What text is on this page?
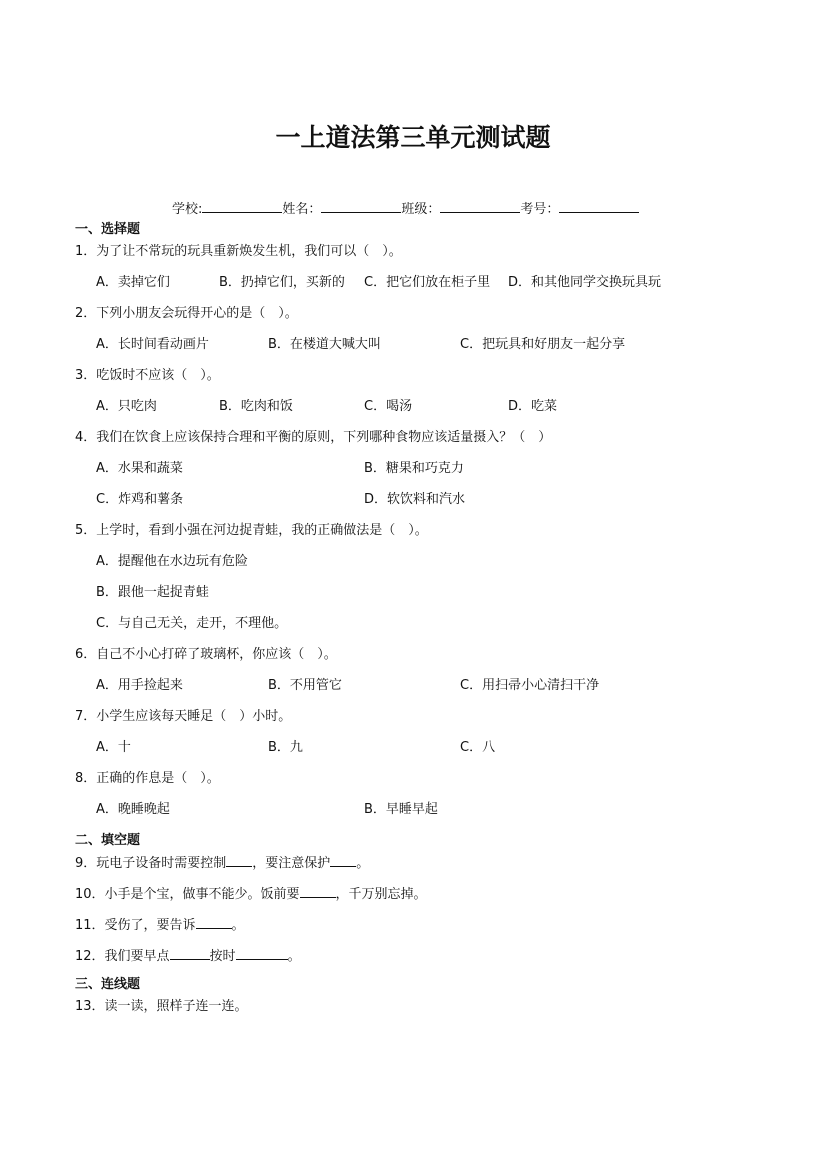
一上道法第三单元测试题
学校:	姓名：	班级：	考号：
一、选择题
1．为了让不常玩的玩具重新焕发生机，我们可以（　）。
A．卖掉它们	B．扔掉它们，买新的 C．把它们放在柜子里 D．和其他同学交换玩具玩
2．下列小朋友会玩得开心的是（　）。
A．长时间看动画片	B．在楼道大喊大叫	C．把玩具和好朋友一起分享
3．吃饭时不应该（　）。
A．只吃肉	B．吃肉和饭	C．喝汤	D．吃菜
4．我们在饮食上应该保持合理和平衡的原则，下列哪种食物应该适量摄入？（　）
A．水果和蔬菜	B．糖果和巧克力
C．炸鸡和薯条	D．软饮料和汽水
5．上学时，看到小强在河边捉青蛙，我的正确做法是（　）。
A．提醒他在水边玩有危险
B．跟他一起捉青蛙
C．与自己无关，走开，不理他。
6．自己不小心打碎了玻璃杯，你应该（　）。
A．用手捡起来	B．不用管它	C．用扫帚小心清扫干净
7．小学生应该每天睡足（　）小时。
A．十	B．九	C．八
8．正确的作息是（　）。
A．晚睡晚起	B．早睡早起
二、填空题
9．玩电子设备时需要控制 ，要注意保护 。
10．小手是个宝，做事不能少。饭前要	，千万别忘掉。
11．受伤了，要告诉	。
12．我们要早点	按时	。
三、连线题
13．读一读，照样子连一连。
